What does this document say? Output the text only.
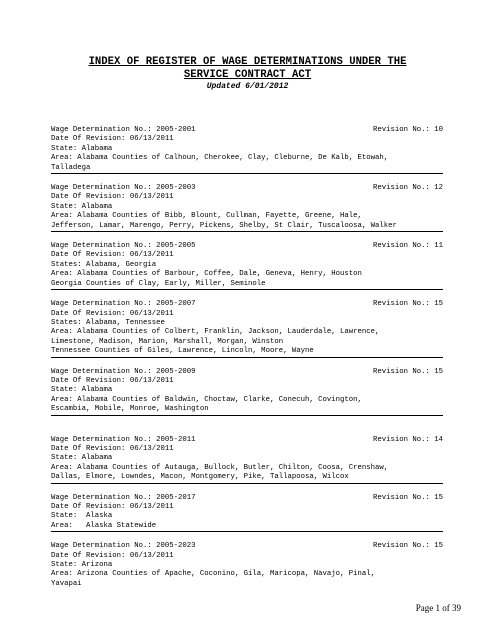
INDEX OF REGISTER OF WAGE DETERMINATIONS UNDER THE
SERVICE CONTRACT ACT
Updated 6/01/2012
Wage Determination No.: 2005-2001	Revision No.: 10
Date Of Revision: 06/13/2011
State: Alabama
Area: Alabama Counties of Calhoun, Cherokee, Clay, Cleburne, De Kalb, Etowah,
Talladega
Wage Determination No.: 2005-2003	Revision No.: 12
Date Of Revision: 06/13/2011
State: Alabama
Area: Alabama Counties of Bibb, Blount, Cullman, Fayette, Greene, Hale,
Jefferson, Lamar, Marengo, Perry, Pickens, Shelby, St Clair, Tuscaloosa, Walker
Wage Determination No.: 2005-2005	Revision No.: 11
Date Of Revision: 06/13/2011
States: Alabama, Georgia
Area: Alabama Counties of Barbour, Coffee, Dale, Geneva, Henry, Houston
Georgia Counties of Clay, Early, Miller, Seminole
Wage Determination No.: 2005-2007	Revision No.: 15
Date Of Revision: 06/13/2011
States: Alabama, Tennessee
Area: Alabama Counties of Colbert, Franklin, Jackson, Lauderdale, Lawrence,
Limestone, Madison, Marion, Marshall, Morgan, Winston
Tennessee Counties of Giles, Lawrence, Lincoln, Moore, Wayne
Wage Determination No.: 2005-2009	Revision No.: 15
Date Of Revision: 06/13/2011
State: Alabama
Area: Alabama Counties of Baldwin, Choctaw, Clarke, Conecuh, Covington,
Escambia, Mobile, Monroe, Washington
Wage Determination No.: 2005-2011	Revision No.: 14
Date Of Revision: 06/13/2011
State: Alabama
Area: Alabama Counties of Autauga, Bullock, Butler, Chilton, Coosa, Crenshaw,
Dallas, Elmore, Lowndes, Macon, Montgomery, Pike, Tallapoosa, Wilcox
Wage Determination No.: 2005-2017	Revision No.: 15
Date Of Revision: 06/13/2011
State:  Alaska
Area:   Alaska Statewide
Wage Determination No.: 2005-2023	Revision No.: 15
Date Of Revision: 06/13/2011
State: Arizona
Area: Arizona Counties of Apache, Coconino, Gila, Maricopa, Navajo, Pinal,
Yavapai
Page 1 of 39
